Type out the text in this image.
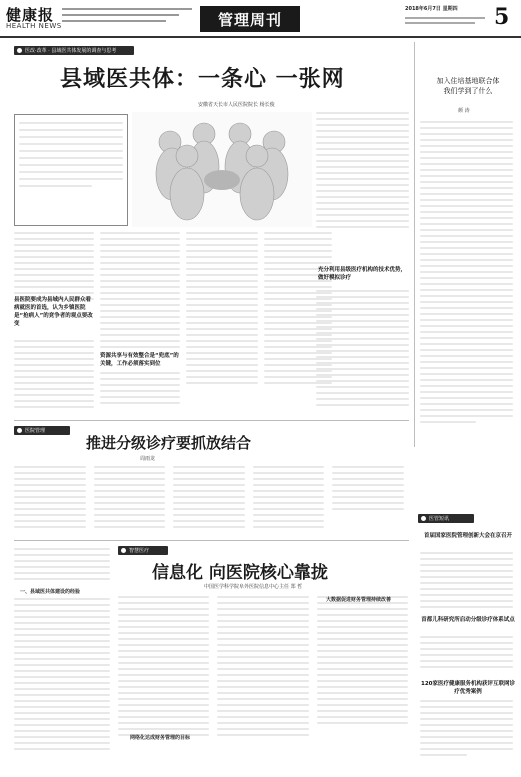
健康报
HEALTH NEWS	管理周刊
2018年6月7日 星期四	5
医改·改革 · 县域医共体发展的调查与思考
县域医共体：一条心 一张网
安徽省天长市人民医院院长 杨长俊
加入住培基地联合体
我们学到了什么
颜 涛
县医院要成为县域内人民群众看病就医的首选，认为乡镇医院是“抢病人”的竞争者的观点要改变
资源共享与有效整合是“兜底”的关键，工作必须落实到位
充分利用县级医疗机构的技术优势，做好模拟诊疗
医院管理
推进分级诊疗要抓放结合
周雨龙
医管短讯
首届国家医院管理创新大会在京召开
首都儿科研究所启动分级诊疗体系试点
120家医疗健康服务机构获评互联网诊疗优秀案例
智慧医疗
信息化 向医院核心靠拢
中国医学科学院阜外医院信息中心主任 郑 哲
一、县域医共体建设的经验
大数据促进财务管理持续改善
网络化达成财务管理的目标
